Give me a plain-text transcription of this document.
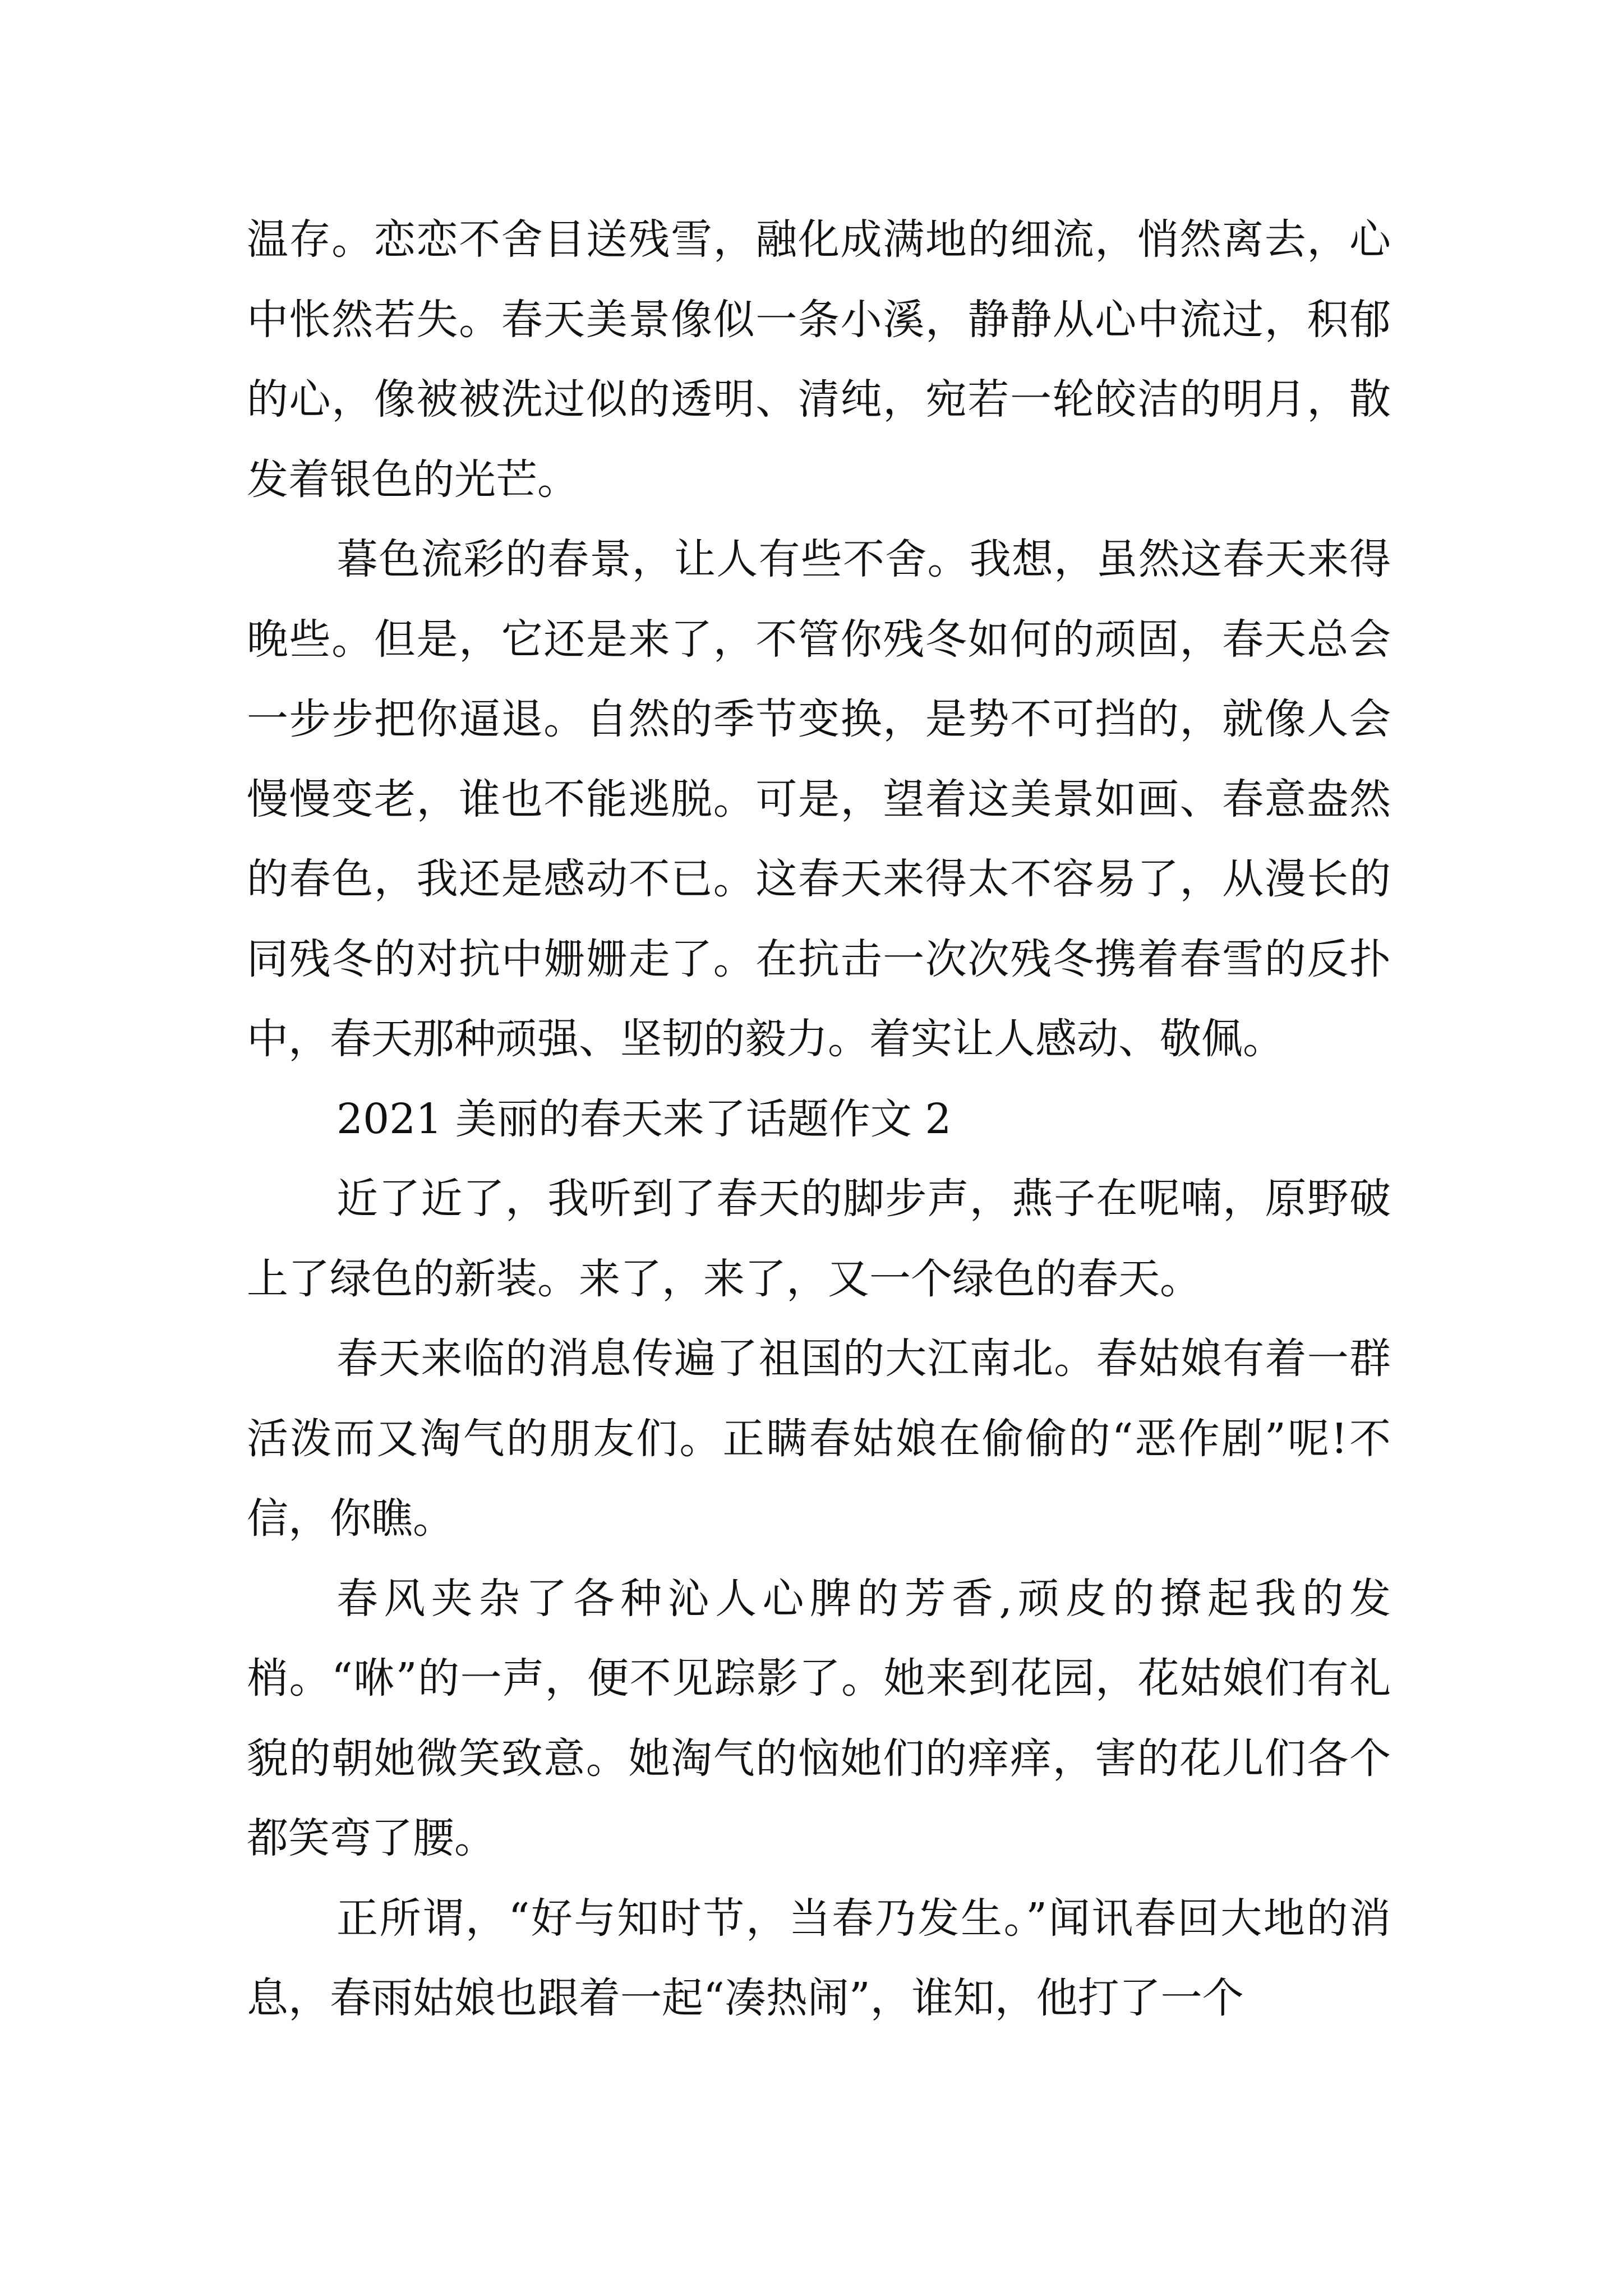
温存。恋恋不舍目送残雪，融化成满地的细流，悄然离去，心中怅然若失。春天美景像似一条小溪，静静从心中流过，积郁的心，像被被洗过似的透明、清纯，宛若一轮皎洁的明月，散发着银色的光芒。

暮色流彩的春景，让人有些不舍。我想，虽然这春天来得晚些。但是，它还是来了，不管你残冬如何的顽固，春天总会一步步把你逼退。自然的季节变换，是势不可挡的，就像人会慢慢变老，谁也不能逃脱。可是，望着这美景如画、春意盎然的春色，我还是感动不已。这春天来得太不容易了，从漫长的同残冬的对抗中姗姗走了。在抗击一次次残冬携着春雪的反扑中，春天那种顽强、坚韧的毅力。着实让人感动、敬佩。

2021 美丽的春天来了话题作文 2

近了近了，我听到了春天的脚步声，燕子在呢喃，原野破上了绿色的新装。来了，来了，又一个绿色的春天。

春天来临的消息传遍了祖国的大江南北。春姑娘有着一群活泼而又淘气的朋友们。正瞒春姑娘在偷偷的“恶作剧”呢!不信，你瞧。

春风夹杂了各种沁人心脾的芳香,顽皮的撩起我的发梢。“咻”的一声，便不见踪影了。她来到花园，花姑娘们有礼貌的朝她微笑致意。她淘气的恼她们的痒痒，害的花儿们各个都笑弯了腰。

正所谓，“好与知时节，当春乃发生。”闻讯春回大地的消息，春雨姑娘也跟着一起“凑热闹”，谁知，他打了一个
